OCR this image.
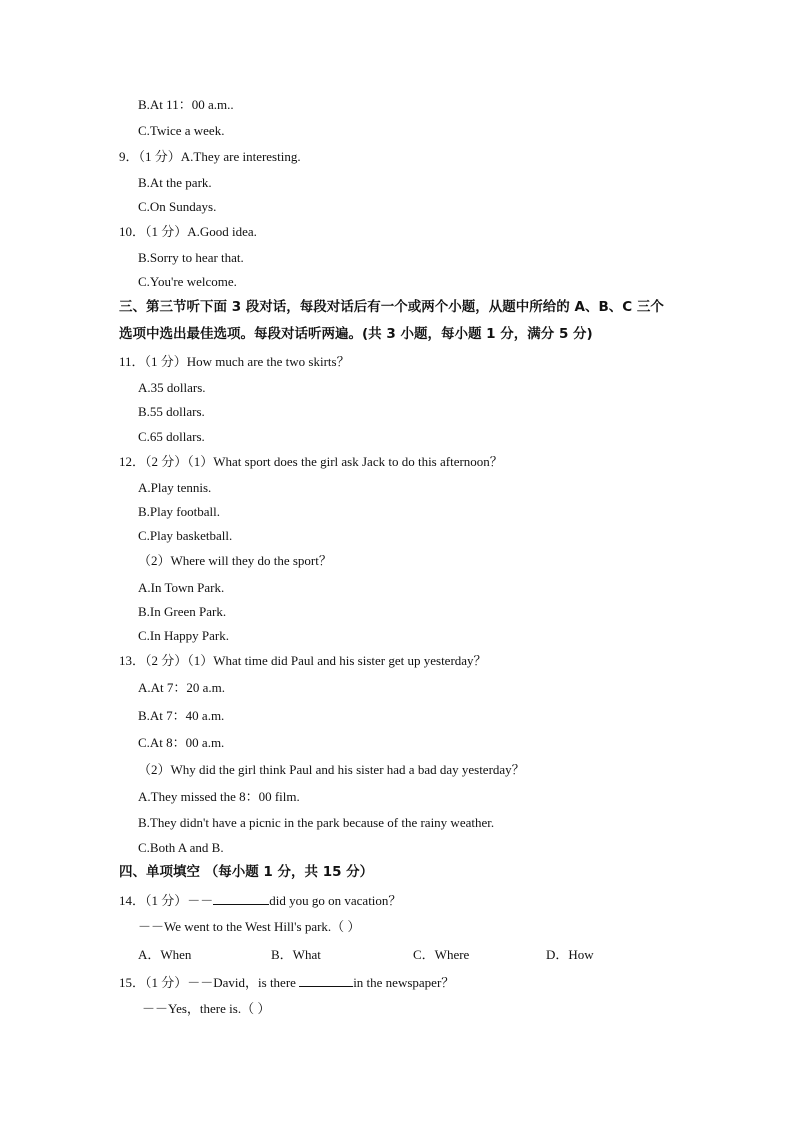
B.At 11：00 a.m..
C.Twice a week.
9．（1 分）A.They are interesting.
B.At the park.
C.On Sundays.
10．（1 分）A.Good idea.
B.Sorry to hear that.
C.You're welcome.
三、第三节听下面 3 段对话，每段对话后有一个或两个小题，从题中所给的 A、B、C 三个
选项中选出最佳选项。每段对话听两遍。(共 3 小题，每小题 1 分，满分 5 分)
11．（1 分）How much are the two skirts？
A.35 dollars.
B.55 dollars.
C.65 dollars.
12．（2 分）（1）What sport does the girl ask Jack to do this afternoon？
A.Play tennis.
B.Play football.
C.Play basketball.
（2）Where will they do the sport？
A.In Town Park.
B.In Green Park.
C.In Happy Park.
13．（2 分）（1）What time did Paul and his sister get up yesterday？
A.At 7：20 a.m.
B.At 7：40 a.m.
C.At 8：00 a.m.
（2）Why did the girl think Paul and his sister had a bad day yesterday？
A.They missed the 8：00 film.
B.They didn't have a picnic in the park because of the rainy weather.
C.Both A and B.
四、单项填空 （每小题 1 分，共 15 分）
14．（1 分）－－	did you go on vacation？
－－We went to the West Hill's park.（ ）
A．When	B．What	C．Where	D．How
15．（1 分）－－David，is there	in the newspaper？
－－Yes，there is.（ ）
